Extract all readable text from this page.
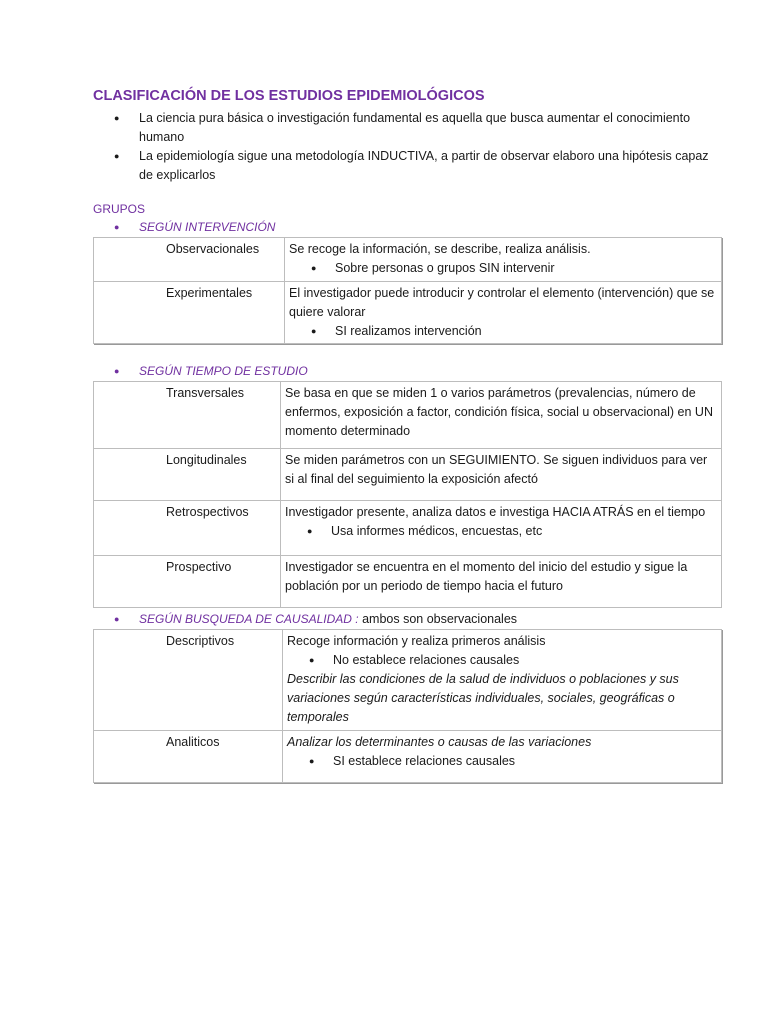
CLASIFICACIÓN DE LOS ESTUDIOS EPIDEMIOLÓGICOS
● La ciencia pura básica o investigación fundamental es aquella que busca aumentar el conocimiento humano
● La epidemiología sigue una metodología INDUCTIVA, a partir de observar elaboro una hipótesis capaz de explicarlos
GRUPOS
● SEGÚN INTERVENCIÓN
Observacionales	Se recoge la información, se describe, realiza análisis.
● Sobre personas o grupos SIN intervenir

Experimentales	El investigador puede introducir y controlar el elemento (intervención) que se quiere valorar
● SI realizamos intervención
● SEGÚN TIEMPO DE ESTUDIO
Transversales	Se basa en que se miden 1 o varios parámetros (prevalencias, número de enfermos, exposición a factor, condición física, social u observacional) en UN momento determinado
Longitudinales	Se miden parámetros con un SEGUIMIENTO. Se siguen individuos para ver si al final del seguimiento la exposición afectó
Retrospectivos	Investigador presente, analiza datos e investiga HACIA ATRÁS en el tiempo
● Usa informes médicos, encuestas, etc

Prospectivo	Investigador se encuentra en el momento del inicio del estudio y sigue la población por un periodo de tiempo hacia el futuro
● SEGÚN BUSQUEDA DE CAUSALIDAD : ambos son observacionales
Descriptivos	Recoge información y realiza primeros análisis
● No establece relaciones causales
Describir las condiciones de la salud de individuos o poblaciones y sus variaciones según características individuales, sociales, geográficas o temporales

Analiticos	Analizar los determinantes o causas de las variaciones
● SI establece relaciones causales
